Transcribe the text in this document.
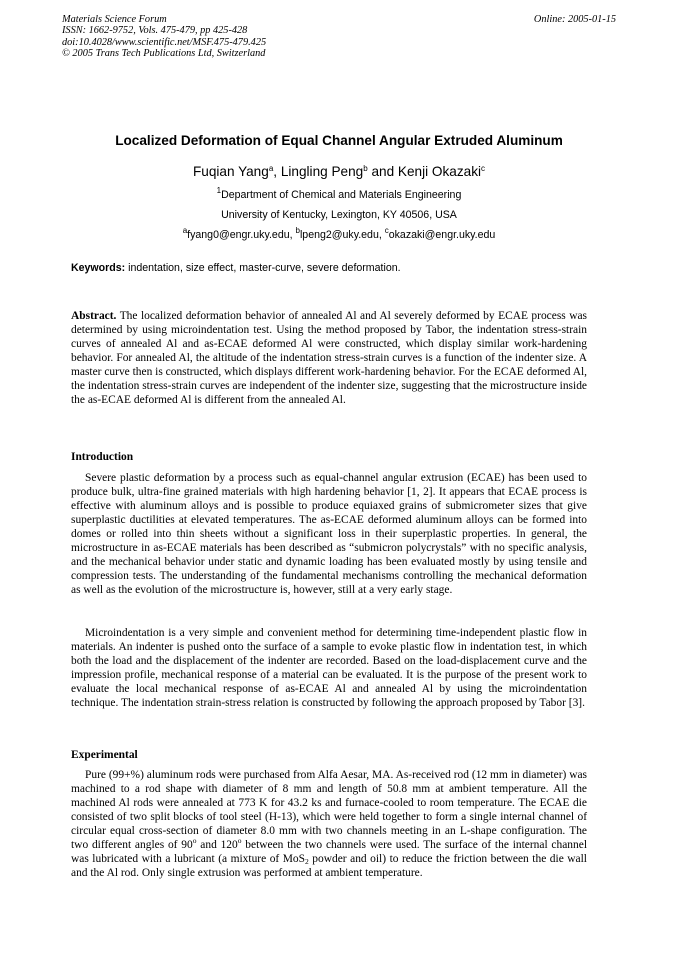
Materials Science Forum
ISSN: 1662-9752, Vols. 475-479, pp 425-428
doi:10.4028/www.scientific.net/MSF.475-479.425
© 2005 Trans Tech Publications Ltd, Switzerland
Online: 2005-01-15
Localized Deformation of Equal Channel Angular Extruded Aluminum
Fuqian Yang$^a$, Lingling Peng$^b$ and Kenji Okazaki$^c$
$^1$Department of Chemical and Materials Engineering
University of Kentucky, Lexington, KY 40506, USA
$^a$fyang0@engr.uky.edu, $^b$lpeng2@uky.edu, $^c$okazaki@engr.uky.edu
Keywords: indentation, size effect, master-curve, severe deformation.

Abstract. The localized deformation behavior of annealed Al and Al severely deformed by ECAE process was determined by using microindentation test. Using the method proposed by Tabor, the indentation stress-strain curves of annealed Al and as-ECAE deformed Al were constructed, which display similar work-hardening behavior. For annealed Al, the altitude of the indentation stress-strain curves is a function of the indenter size. A master curve then is constructed, which displays different work-hardening behavior. For the ECAE deformed Al, the indentation stress-strain curves are independent of the indenter size, suggesting that the microstructure inside the as-ECAE deformed Al is different from the annealed Al.

Introduction

Severe plastic deformation by a process such as equal-channel angular extrusion (ECAE) has been used to produce bulk, ultra-fine grained materials with high hardening behavior [1, 2]. It appears that ECAE process is effective with aluminum alloys and is possible to produce equiaxed grains of submicrometer sizes that give superplastic ductilities at elevated temperatures. The as-ECAE deformed aluminum alloys can be formed into domes or rolled into thin sheets without a significant loss in their superplastic properties. In general, the microstructure in as-ECAE materials has been described as “submicron polycrystals” with no specific analysis, and the mechanical behavior under static and dynamic loading has been evaluated mostly by using tensile and compression tests. The understanding of the fundamental mechanisms controlling the mechanical deformation as well as the evolution of the microstructure is, however, still at a very early stage.

Microindentation is a very simple and convenient method for determining time-independent plastic flow in materials. An indenter is pushed onto the surface of a sample to evoke plastic flow in indentation test, in which both the load and the displacement of the indenter are recorded. Based on the load-displacement curve and the impression profile, mechanical response of a material can be evaluated. It is the purpose of the present work to evaluate the local mechanical response of as-ECAE Al and annealed Al by using the microindentation technique. The indentation strain-stress relation is constructed by following the approach proposed by Tabor [3].

Experimental

Pure (99+%) aluminum rods were purchased from Alfa Aesar, MA. As-received rod (12 mm in diameter) was machined to a rod shape with diameter of 8 mm and length of 50.8 mm at ambient temperature. All the machined Al rods were annealed at 773 K for 43.2 ks and furnace-cooled to room temperature. The ECAE die consisted of two split blocks of tool steel (H-13), which were held together to form a single internal channel of circular equal cross-section of diameter 8.0 mm with two channels meeting in an L-shape configuration. The two different angles of 90$^o$ and 120$^o$ between the two channels were used. The surface of the internal channel was lubricated with a lubricant (a mixture of MoS$_2$ powder and oil) to reduce the friction between the die wall and the Al rod. Only single extrusion was performed at ambient temperature.
